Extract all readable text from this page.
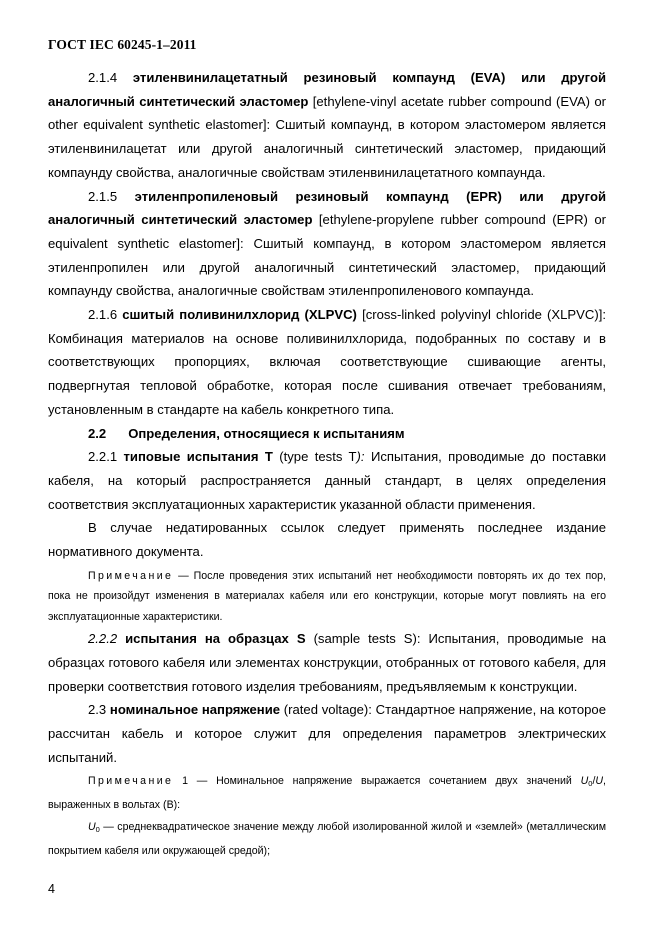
ГОСТ IEC 60245-1–2011

2.1.4 этиленвинилацетатный резиновый компаунд (EVA) или другой аналогичный синтетический эластомер [ethylene-vinyl acetate rubber compound (EVA) or other equivalent synthetic elastomer]: Сшитый компаунд, в котором эластомером является этиленвинилацетат или другой аналогичный синтетический эластомер, придающий компаунду свойства, аналогичные свойствам этиленвинилацетатного компаунда.

2.1.5 этиленпропиленовый резиновый компаунд (EPR) или другой аналогичный синтетический эластомер [ethylene-propylene rubber compound (EPR) or equivalent synthetic elastomer]: Сшитый компаунд, в котором эластомером является этиленпропилен или другой аналогичный синтетический эластомер, придающий компаунду свойства, аналогичные свойствам этиленпропиленового компаунда.

2.1.6 сшитый поливинилхлорид (XLPVC) [cross-linked polyvinyl chloride (XLPVC)]: Комбинация материалов на основе поливинилхлорида, подобранных по составу и в соответствующих пропорциях, включая соответствующие сшивающие агенты, подвергнутая тепловой обработке, которая после сшивания отвечает требованиям, установленным в стандарте на кабель конкретного типа.

2.2 Определения, относящиеся к испытаниям

2.2.1 типовые испытания Т (type tests T): Испытания, проводимые до поставки кабеля, на который распространяется данный стандарт, в целях определения соответствия эксплуатационных характеристик указанной области применения.

В случае недатированных ссылок следует применять последнее издание нормативного документа.

Примечание — После проведения этих испытаний нет необходимости повторять их до тех пор, пока не произойдут изменения в материалах кабеля или его конструкции, которые могут повлиять на его эксплуатационные характеристики.

2.2.2 испытания на образцах S (sample tests S): Испытания, проводимые на образцах готового кабеля или элементах конструкции, отобранных от готового кабеля, для проверки соответствия готового изделия требованиям, предъявляемым к конструкции.

2.3 номинальное напряжение (rated voltage): Стандартное напряжение, на которое рассчитан кабель и которое служит для определения параметров электрических испытаний.

Примечание 1 — Номинальное напряжение выражается сочетанием двух значений $U_0/U$, выраженных в вольтах (В):

$U_0$ — среднеквадратическое значение между любой изолированной жилой и «землей» (металлическим покрытием кабеля или окружающей средой);

4
